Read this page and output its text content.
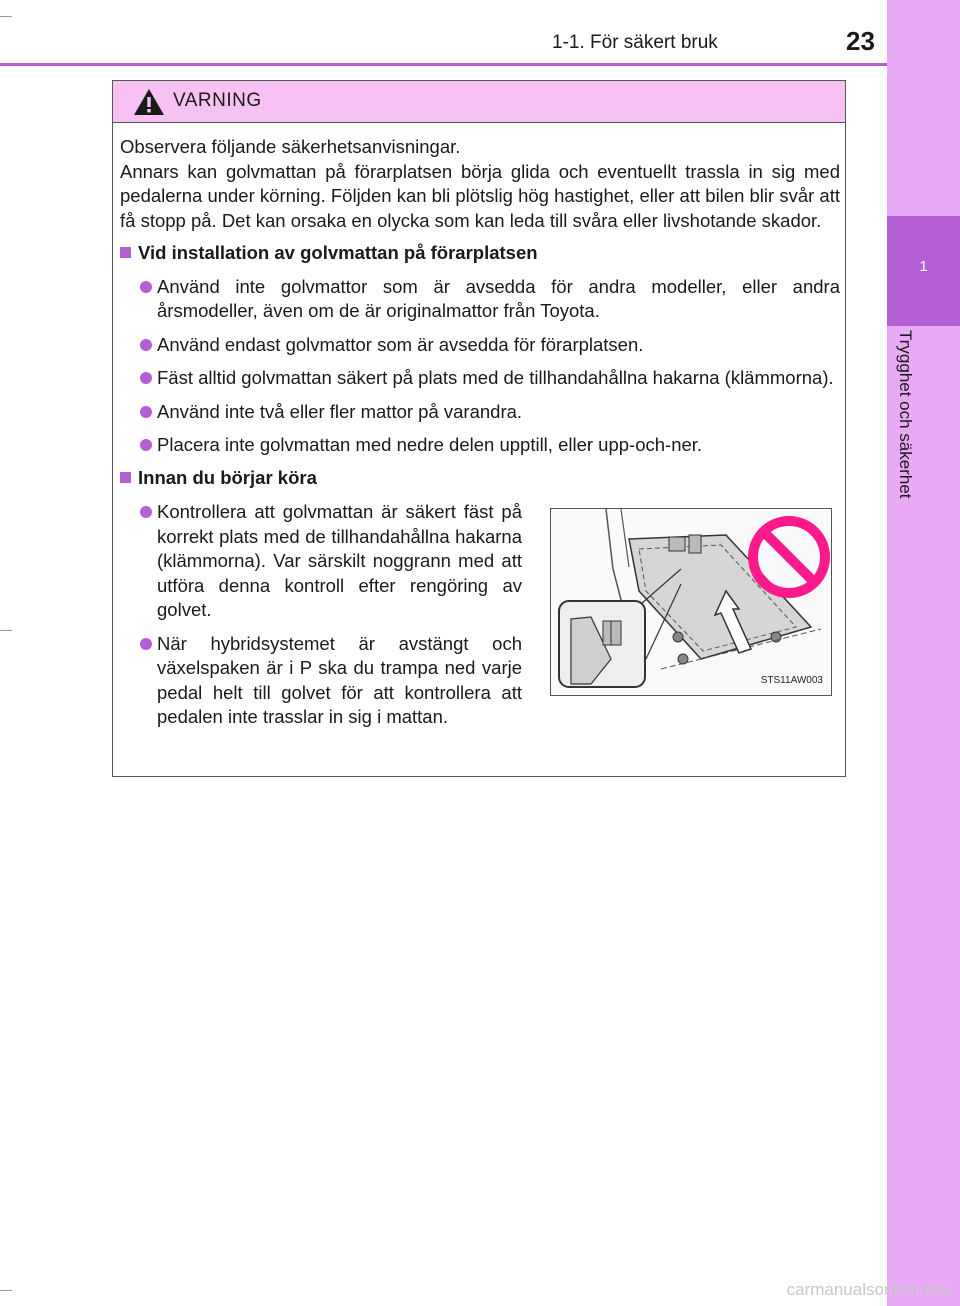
1
Trygghet och säkerhet
1-1. För säkert bruk	23
VARNING

Observera följande säkerhetsanvisningar.

Annars kan golvmattan på förarplatsen börja glida och eventuellt trassla in sig med pedalerna under körning. Följden kan bli plötslig hög hastighet, eller att bilen blir svår att få stopp på. Det kan orsaka en olycka som kan leda till svåra eller livshotande skador.

Vid installation av golvmattan på förarplatsen
Använd inte golvmattor som är avsedda för andra modeller, eller andra årsmodeller, även om de är originalmattor från Toyota.
Använd endast golvmattor som är avsedda för förarplatsen.
Fäst alltid golvmattan säkert på plats med de tillhandahållna hakarna (klämmorna).
Använd inte två eller fler mattor på varandra.
Placera inte golvmattan med nedre delen upptill, eller upp-och-ner.
Innan du börjar köra
Kontrollera att golvmattan är säkert fäst på korrekt plats med de tillhandahållna hakarna (klämmorna). Var särskilt noggrann med att utföra denna kontroll efter rengöring av golvet.
När hybridsystemet är avstängt och växelspaken är i P ska du trampa ned varje pedal helt till golvet för att kontrollera att pedalen inte trasslar in sig i mattan.
STS11AW003
carmanualsonline.info
